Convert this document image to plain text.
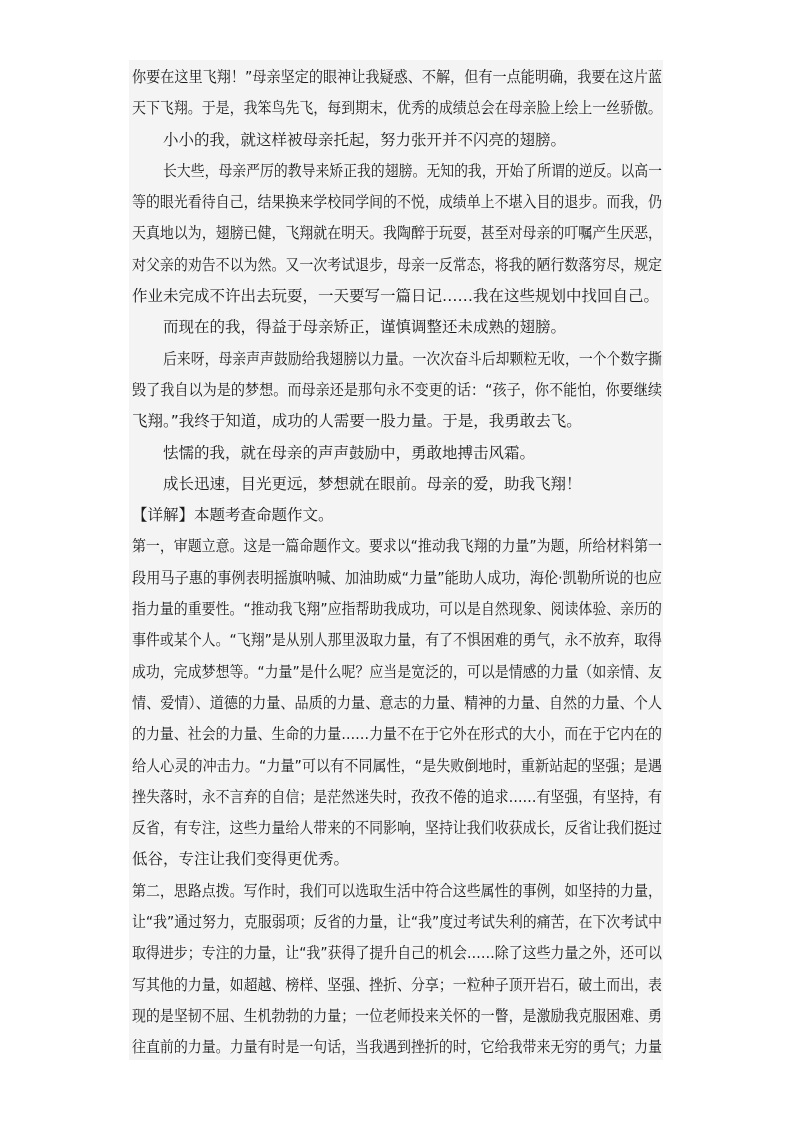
你要在这里飞翔！”母亲坚定的眼神让我疑惑、不解，但有一点能明确，我要在这片蓝
天下飞翔。于是，我笨鸟先飞，每到期末，优秀的成绩总会在母亲脸上绘上一丝骄傲。
小小的我，就这样被母亲托起，努力张开并不闪亮的翅膀。
长大些，母亲严厉的教导来矫正我的翅膀。无知的我，开始了所谓的逆反。以高一
等的眼光看待自己，结果换来学校同学间的不悦，成绩单上不堪入目的退步。而我，仍
天真地以为，翅膀已健，飞翔就在明天。我陶醉于玩耍，甚至对母亲的叮嘱产生厌恶，
对父亲的劝告不以为然。又一次考试退步，母亲一反常态，将我的陋行数落穷尽，规定
作业未完成不许出去玩耍，一天要写一篇日记……我在这些规划中找回自己。
而现在的我，得益于母亲矫正，谨慎调整还未成熟的翅膀。
后来呀，母亲声声鼓励给我翅膀以力量。一次次奋斗后却颗粒无收，一个个数字撕
毁了我自以为是的梦想。而母亲还是那句永不变更的话：“孩子，你不能怕，你要继续
飞翔。”我终于知道，成功的人需要一股力量。于是，我勇敢去飞。
怯懦的我，就在母亲的声声鼓励中，勇敢地搏击风霜。
成长迅速，目光更远，梦想就在眼前。母亲的爱，助我飞翔！
【详解】本题考查命题作文。
第一，审题立意。这是一篇命题作文。要求以“推动我飞翔的力量”为题，所给材料第一
段用马子惠的事例表明摇旗呐喊、加油助威“力量”能助人成功，海伦·凯勒所说的也应
指力量的重要性。“推动我飞翔”应指帮助我成功，可以是自然现象、阅读体验、亲历的
事件或某个人。“飞翔”是从别人那里汲取力量，有了不惧困难的勇气，永不放弃，取得
成功，完成梦想等。“力量”是什么呢？应当是宽泛的，可以是情感的力量（如亲情、友
情、爱情）、道德的力量、品质的力量、意志的力量、精神的力量、自然的力量、个人
的力量、社会的力量、生命的力量……力量不在于它外在形式的大小，而在于它内在的
给人心灵的冲击力。“力量”可以有不同属性，“是失败倒地时，重新站起的坚强；是遇
挫失落时，永不言弃的自信；是茫然迷失时，孜孜不倦的追求……有坚强，有坚持，有
反省，有专注，这些力量给人带来的不同影响，坚持让我们收获成长，反省让我们挺过
低谷，专注让我们变得更优秀。
第二，思路点拨。写作时，我们可以选取生活中符合这些属性的事例，如坚持的力量，
让“我”通过努力，克服弱项；反省的力量，让“我”度过考试失利的痛苦，在下次考试中
取得进步；专注的力量，让“我”获得了提升自己的机会……除了这些力量之外，还可以
写其他的力量，如超越、榜样、坚强、挫折、分享；一粒种子顶开岩石，破土而出，表
现的是坚韧不屈、生机勃勃的力量；一位老师投来关怀的一瞥，是激励我克服困难、勇
往直前的力量。力量有时是一句话，当我遇到挫折的时，它给我带来无穷的勇气；力量
